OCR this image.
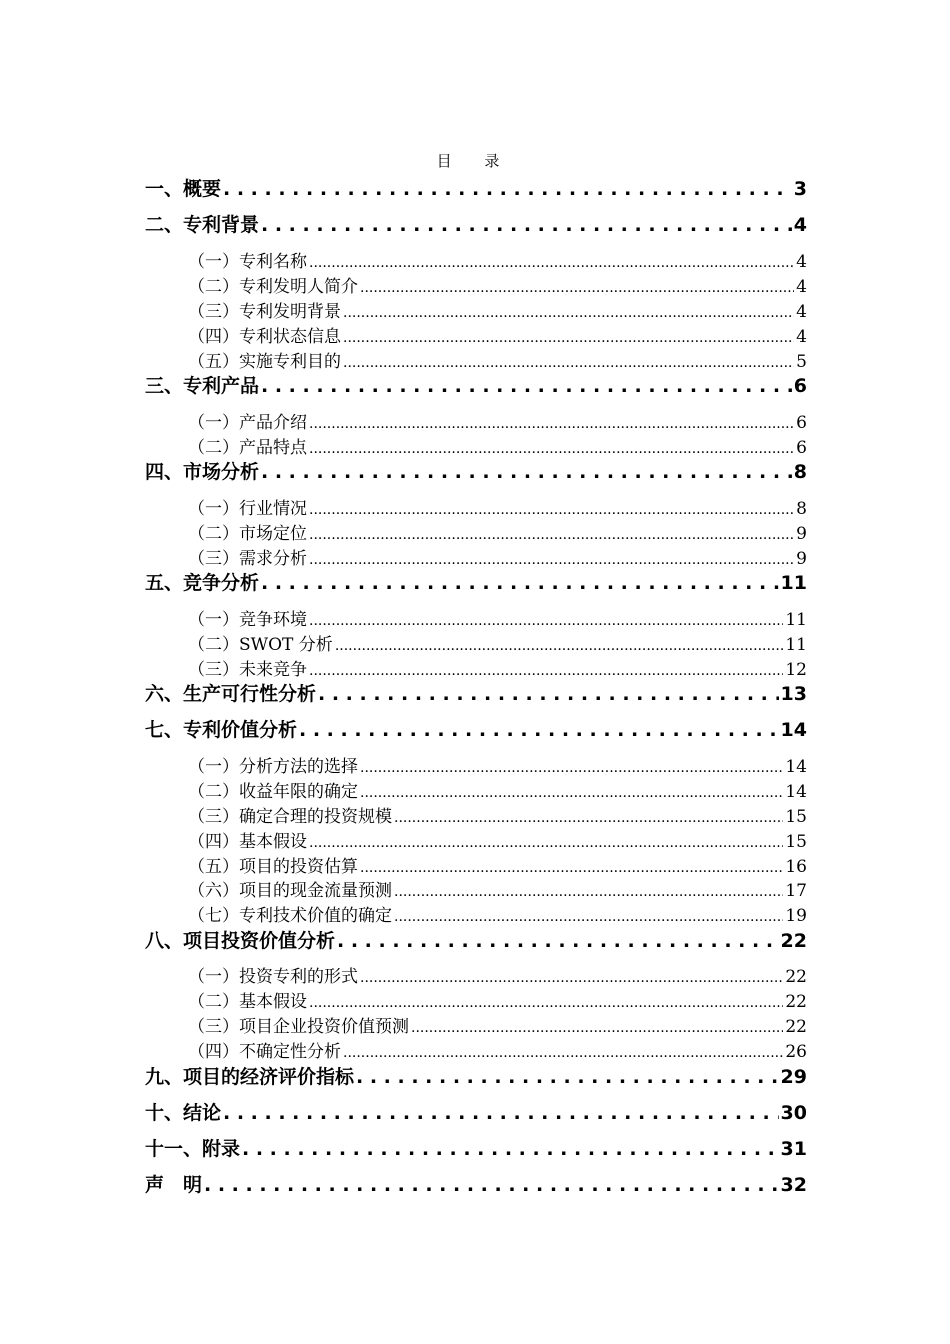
目 录
一、概要 . . .	3
二、专利背景 . . .	4
（一）专利名称 .....	4
（二）专利发明人简介 .....	4
（三）专利发明背景 .....	4
（四）专利状态信息 .....	4
（五）实施专利目的 .....	5
三、专利产品 . . .	6
（一）产品介绍 .....	6
（二）产品特点 .....	6
四、市场分析 . . .	8
（一）行业情况 .....	8
（二）市场定位 .....	9
（三）需求分析 .....	9
五、竞争分析 . . .	11
（一）竞争环境 .....	11
（二）SWOT 分析 .....	11
（三）未来竞争 .....	12
六、生产可行性分析 . . .	13
七、专利价值分析 . . .	14
（一）分析方法的选择 .....	14
（二）收益年限的确定 .....	14
（三）确定合理的投资规模 .....	15
（四）基本假设 .....	15
（五）项目的投资估算 .....	16
（六）项目的现金流量预测 .....	17
（七）专利技术价值的确定 .....	19
八、项目投资价值分析 . . .	22
（一）投资专利的形式 .....	22
（二）基本假设 .....	22
（三）项目企业投资价值预测 .....	22
（四）不确定性分析 .....	26
九、项目的经济评价指标 . . .	29
十、结论 . . .	30
十一、附录 . . .	31
声　明 . . .	32
